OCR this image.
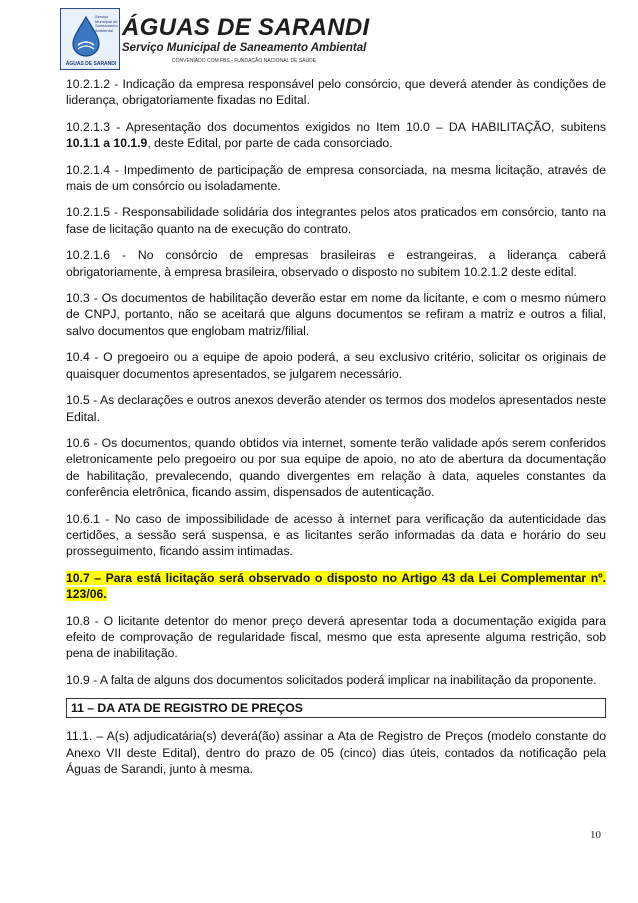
Serviço Municipal de Saneamento Ambiental
ÁGUAS DE SARANDI
ÁGUAS DE SARANDI
Serviço Municipal de Saneamento Ambiental
CONVENIADO COM FBS - FUNDAÇÃO NACIONAL DE SAÚDE

10.2.1.2 - Indicação da empresa responsável pelo consórcio, que deverá atender às condições de liderança, obrigatoriamente fixadas no Edital.

10.2.1.3 - Apresentação dos documentos exigidos no Item 10.0 – DA HABILITAÇÃO, subitens 10.1.1 a 10.1.9, deste Edital, por parte de cada consorciado.

10.2.1.4 - Impedimento de participação de empresa consorciada, na mesma licitação, através de mais de um consórcio ou isoladamente.

10.2.1.5 - Responsabilidade solidária dos integrantes pelos atos praticados em consórcio, tanto na fase de licitação quanto na de execução do contrato.

10.2.1.6 - No consórcio de empresas brasileiras e estrangeiras, a liderança caberá obrigatoriamente, à empresa brasileira, observado o disposto no subitem 10.2.1.2 deste edital.

10.3 - Os documentos de habilitação deverão estar em nome da licitante, e com o mesmo número de CNPJ, portanto, não se aceitará que alguns documentos se refiram a matriz e outros a filial, salvo documentos que englobam matriz/filial.

10.4 - O pregoeiro ou a equipe de apoio poderá, a seu exclusivo critério, solicitar os originais de quaisquer documentos apresentados, se julgarem necessário.

10.5 - As declarações e outros anexos deverão atender os termos dos modelos apresentados neste Edital.

10.6 - Os documentos, quando obtidos via internet, somente terão validade após serem conferidos eletronicamente pelo pregoeiro ou por sua equipe de apoio, no ato de abertura da documentação de habilitação, prevalecendo, quando divergentes em relação à data, aqueles constantes da conferência eletrônica, ficando assim, dispensados de autenticação.

10.6.1 - No caso de impossibilidade de acesso à internet para verificação da autenticidade das certidões, a sessão será suspensa, e as licitantes serão informadas da data e horário do seu prosseguimento, ficando assim intimadas.

10.7 – Para está licitação será observado o disposto no Artigo 43 da Lei Complementar nº. 123/06.

10.8 - O licitante detentor do menor preço deverá apresentar toda a documentação exigida para efeito de comprovação de regularidade fiscal, mesmo que esta apresente alguma restrição, sob pena de inabilitação.

10.9 - A falta de alguns dos documentos solicitados poderá implicar na inabilitação da proponente.

11 – DA ATA DE REGISTRO DE PREÇOS

11.1. – A(s) adjudicatária(s) deverá(ão) assinar a Ata de Registro de Preços (modelo constante do Anexo VII deste Edital), dentro do prazo de 05 (cinco) dias úteis, contados da notificação pela Águas de Sarandi, junto à mesma.

10
